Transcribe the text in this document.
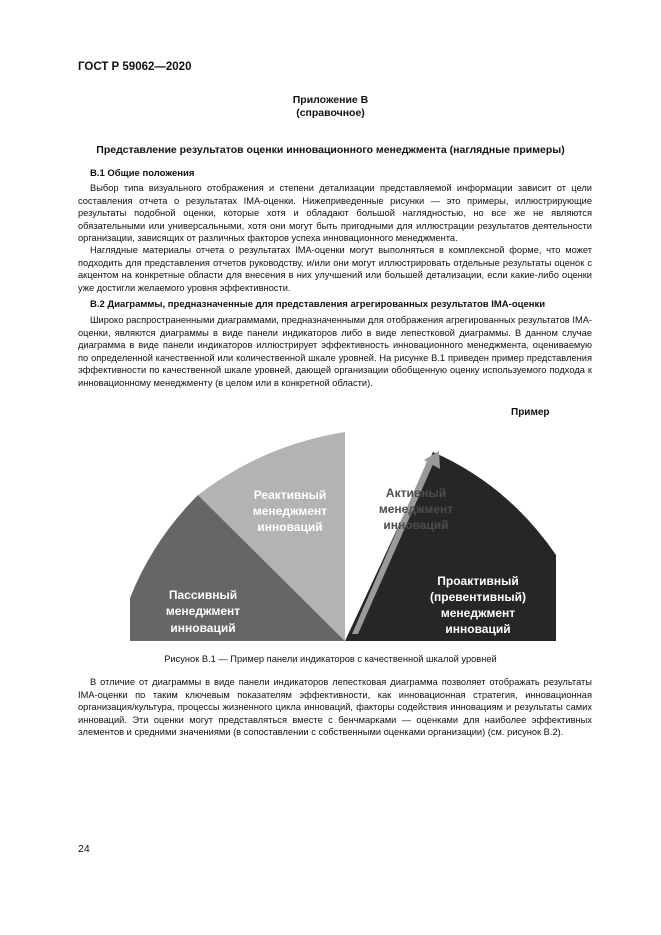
ГОСТ Р 59062—2020
Приложение В
(справочное)
Представление результатов оценки инновационного менеджмента (наглядные примеры)
В.1 Общие положения

Выбор типа визуального отображения и степени детализации представляемой информации зависит от цели составления отчета о результатах IMA-оценки. Нижеприведенные рисунки — это примеры, иллюстрирующие результаты подобной оценки, которые хотя и обладают большой наглядностью, но все же не являются обязательными или универсальными, хотя они могут быть пригодными для иллюстрации результатов деятельности организации, зависящих от различных факторов успеха инновационного менеджмента.

Наглядные материалы отчета о результатах IMA-оценки могут выполняться в комплексной форме, что может подходить для представления отчетов руководству, и/или они могут иллюстрировать отдельные результаты оценок с акцентом на конкретные области для внесения в них улучшений или большей детализации, если какие-либо оценки уже достигли желаемого уровня эффективности.

В.2 Диаграммы, предназначенные для представления агрегированных результатов IMA-оценки

Широко распространенными диаграммами, предназначенными для отображения агрегированных результатов IMA-оценки, являются диаграммы в виде панели индикаторов либо в виде лепестковой диаграммы. В данном случае диаграмма в виде панели индикаторов иллюстрирует эффективность инновационного менеджмента, оцениваемую по определенной качественной или количественной шкале уровней. На рисунке В.1 приведен пример представления эффективности по качественной шкале уровней, дающей организации обобщенную оценку используемого подхода к инновационному менеджменту (в целом или в конкретной области).

Пример
Пассивный
менеджмент
инноваций
Реактивный
менеджмент
инноваций
Активный
менеджмент
инноваций
Проактивный
(превентивный)
менеджмент
инноваций
Рисунок В.1 — Пример панели индикаторов с качественной шкалой уровней

В отличие от диаграммы в виде панели индикаторов лепестковая диаграмма позволяет отображать результаты IMA-оценки по таким ключевым показателям эффективности, как инновационная стратегия, инновационная организация/культура, процессы жизненного цикла инноваций, факторы содействия инновациям и результаты самих инноваций. Эти оценки могут представляться вместе с бенчмарками — оценками для наиболее эффективных элементов и средними значениями (в сопоставлении с собственными оценками организации) (см. рисунок В.2).

24
